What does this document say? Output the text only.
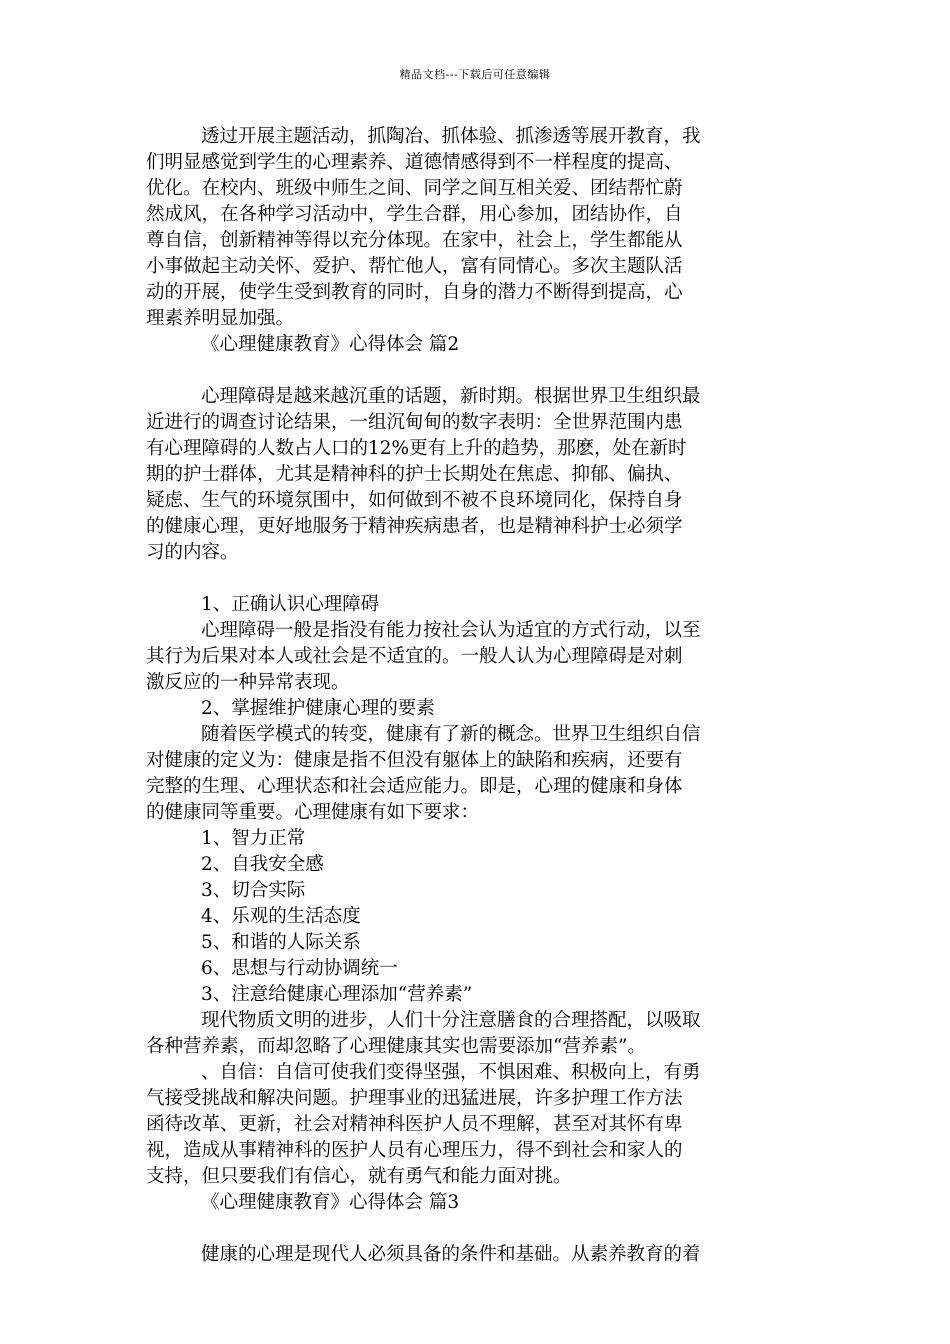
精品文档---下载后可任意编辑
透过开展主题活动，抓陶冶、抓体验、抓渗透等展开教育，我
们明显感觉到学生的心理素养、道德情感得到不一样程度的提高、
优化。在校内、班级中师生之间、同学之间互相关爱、团结帮忙蔚
然成风，在各种学习活动中，学生合群，用心参加，团结协作，自
尊自信，创新精神等得以充分体现。在家中，社会上，学生都能从
小事做起主动关怀、爱护、帮忙他人，富有同情心。多次主题队活
动的开展，使学生受到教育的同时，自身的潜力不断得到提高，心
理素养明显加强。
《心理健康教育》心得体会 篇2
心理障碍是越来越沉重的话题，新时期。根据世界卫生组织最
近进行的调查讨论结果，一组沉甸甸的数字表明：全世界范围内患
有心理障碍的人数占人口的12%更有上升的趋势，那麽，处在新时
期的护士群体，尤其是精神科的护士长期处在焦虑、抑郁、偏执、
疑虑、生气的环境氛围中，如何做到不被不良环境同化，保持自身
的健康心理，更好地服务于精神疾病患者，也是精神科护士必须学
习的内容。
1、正确认识心理障碍
心理障碍一般是指没有能力按社会认为适宜的方式行动，以至
其行为后果对本人或社会是不适宜的。一般人认为心理障碍是对刺
激反应的一种异常表现。
2、掌握维护健康心理的要素
随着医学模式的转变，健康有了新的概念。世界卫生组织自信
对健康的定义为：健康是指不但没有躯体上的缺陷和疾病，还要有
完整的生理、心理状态和社会适应能力。即是，心理的健康和身体
的健康同等重要。心理健康有如下要求：
1、智力正常
2、自我安全感
3、切合实际
4、乐观的生活态度
5、和谐的人际关系
6、思想与行动协调统一
3、注意给健康心理添加“营养素”
现代物质文明的进步，人们十分注意膳食的合理搭配，以吸取
各种营养素，而却忽略了心理健康其实也需要添加“营养素”。
、自信：自信可使我们变得坚强，不惧困难、积极向上，有勇
气接受挑战和解决问题。护理事业的迅猛进展，许多护理工作方法
函待改革、更新，社会对精神科医护人员不理解，甚至对其怀有卑
视，造成从事精神科的医护人员有心理压力，得不到社会和家人的
支持，但只要我们有信心，就有勇气和能力面对挑。
《心理健康教育》心得体会 篇3
健康的心理是现代人必须具备的条件和基础。从素养教育的着
